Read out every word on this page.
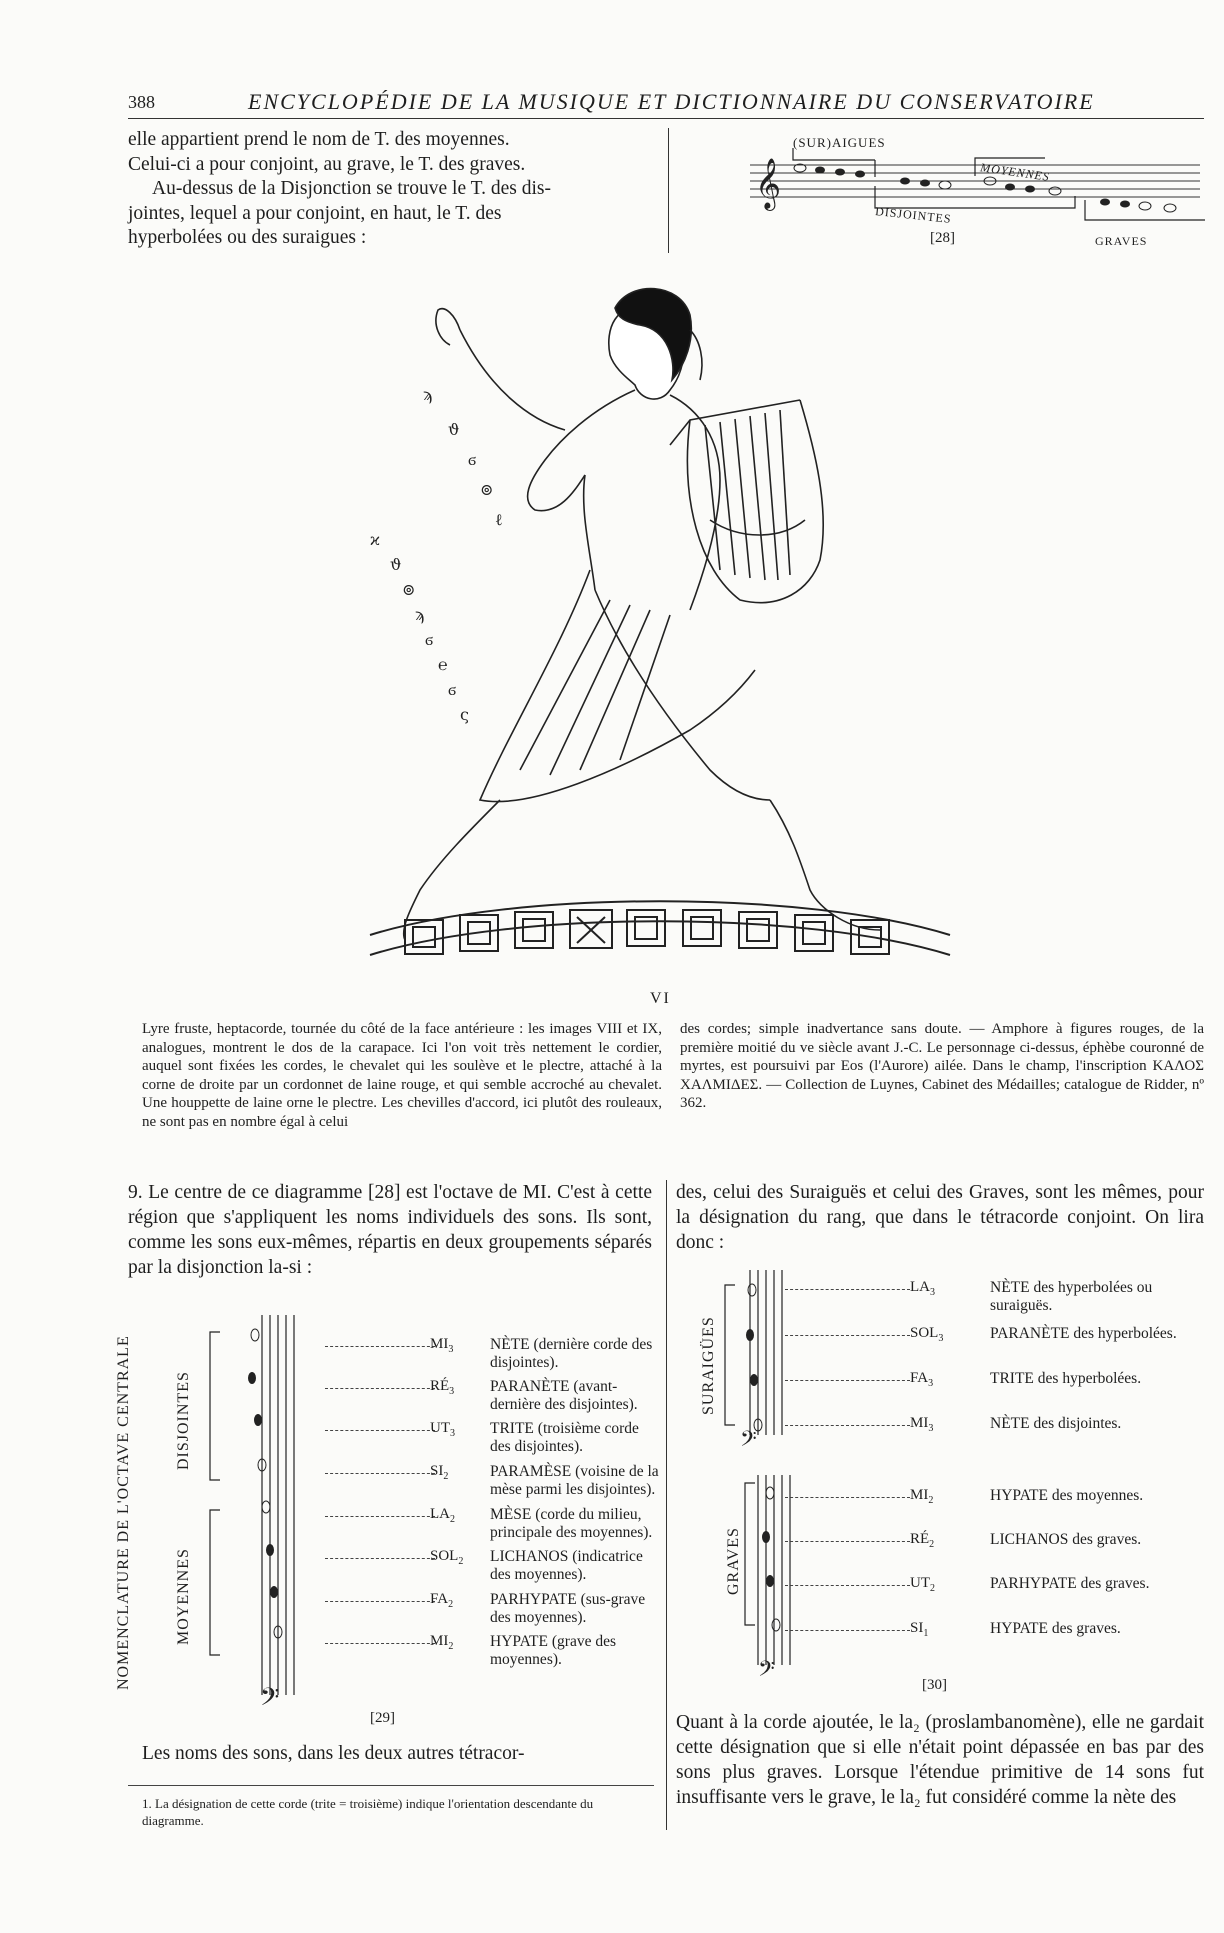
388	ENCYCLOPÉDIE DE LA MUSIQUE ET DICTIONNAIRE DU CONSERVATOIRE
elle appartient prend le nom de T. des moyennes.
Celui-ci a pour conjoint, au grave, le T. des graves.
Au-dessus de la Disjonction se trouve le T. des dis-
jointes, lequel a pour conjoint, en haut, le T. des
hyperbolées ou des suraigues :
𝄞
(SUR)AIGUES
MOYENNES
DISJOINTES
GRAVES
[28]
ϡ
ϑ
ϭ
⊚
ℓ
ϰ
ϑ
⊚
ϡ
ϭ
℮
ϭ
ς
VI
Lyre fruste, heptacorde, tournée du côté de la face antérieure : les images VIII et IX, analogues, montrent le dos de la carapace. Ici l'on voit très nettement le cordier, auquel sont fixées les cordes, le chevalet qui les soulève et le plectre, attaché à la corne de droite par un cordonnet de laine rouge, et qui semble accroché au chevalet. Une houppette de laine orne le plectre. Les chevilles d'accord, ici plutôt des rouleaux, ne sont pas en nombre égal à celui
des cordes; simple inadvertance sans doute. — Amphore à figures rouges, de la première moitié du ve siècle avant J.-C. Le personnage ci-dessus, éphèbe couronné de myrtes, est poursuivi par Eos (l'Aurore) ailée. Dans le champ, l'inscription ΚΑΛΟΣ ΧΑΛΜΙΔΕΣ. — Collection de Luynes, Cabinet des Médailles; catalogue de Ridder, nº 362.
9. Le centre de ce diagramme [28] est l'octave de MI. C'est à cette région que s'appliquent les noms individuels des sons. Ils sont, comme les sons eux-mêmes, répartis en deux groupements séparés par la disjonction la-si :
des, celui des Suraiguës et celui des Graves, sont les mêmes, pour la désignation du rang, que dans le tétracorde conjoint. On lira donc :
NOMENCLATURE DE L'OCTAVE CENTRALE	DISJOINTES
MOYENNES
𝄢
$MI_3$ NÈTE (dernière corde des disjointes).
$RÉ_3$ PARANÈTE (avant-dernière des disjointes).
$UT_3$ TRITE (troisième corde des disjointes).
$SI_2$	PARAMÈSE (voisine de la mèse parmi les disjointes).
$LA_2$ MÈSE (corde du milieu, principale des moyennes).
$SOL_2$ LICHANOS (indicatrice des moyennes).
$FA_2$ PARHYPATE (sus-grave des moyennes).
$MI_2$ HYPATE (grave des moyennes).
[29]
SURAIGÜES
GRAVES
𝄢
𝄢
$LA_3$	NÈTE des hyperbolées ou suraiguës.
$SOL_3$	PARANÈTE des hyperbolées.
$FA_3$	TRITE des hyperbolées.
$MI_3$	NÈTE des disjointes.
$MI_2$	HYPATE des moyennes.
$RÉ_2$	LICHANOS des graves.
$UT_2$	PARHYPATE des graves.
$SI_1$	HYPATE des graves.
[30]
Les noms des sons, dans les deux autres tétracor-
Quant à la corde ajoutée, le la₂ (proslambanomène), elle ne gardait cette désignation que si elle n'était point dépassée en bas par des sons plus graves. Lorsque l'étendue primitive de 14 sons fut insuffisante vers le grave, le la₂ fut considéré comme la nète des
1. La désignation de cette corde (trite = troisième) indique l'orientation descendante du diagramme.
